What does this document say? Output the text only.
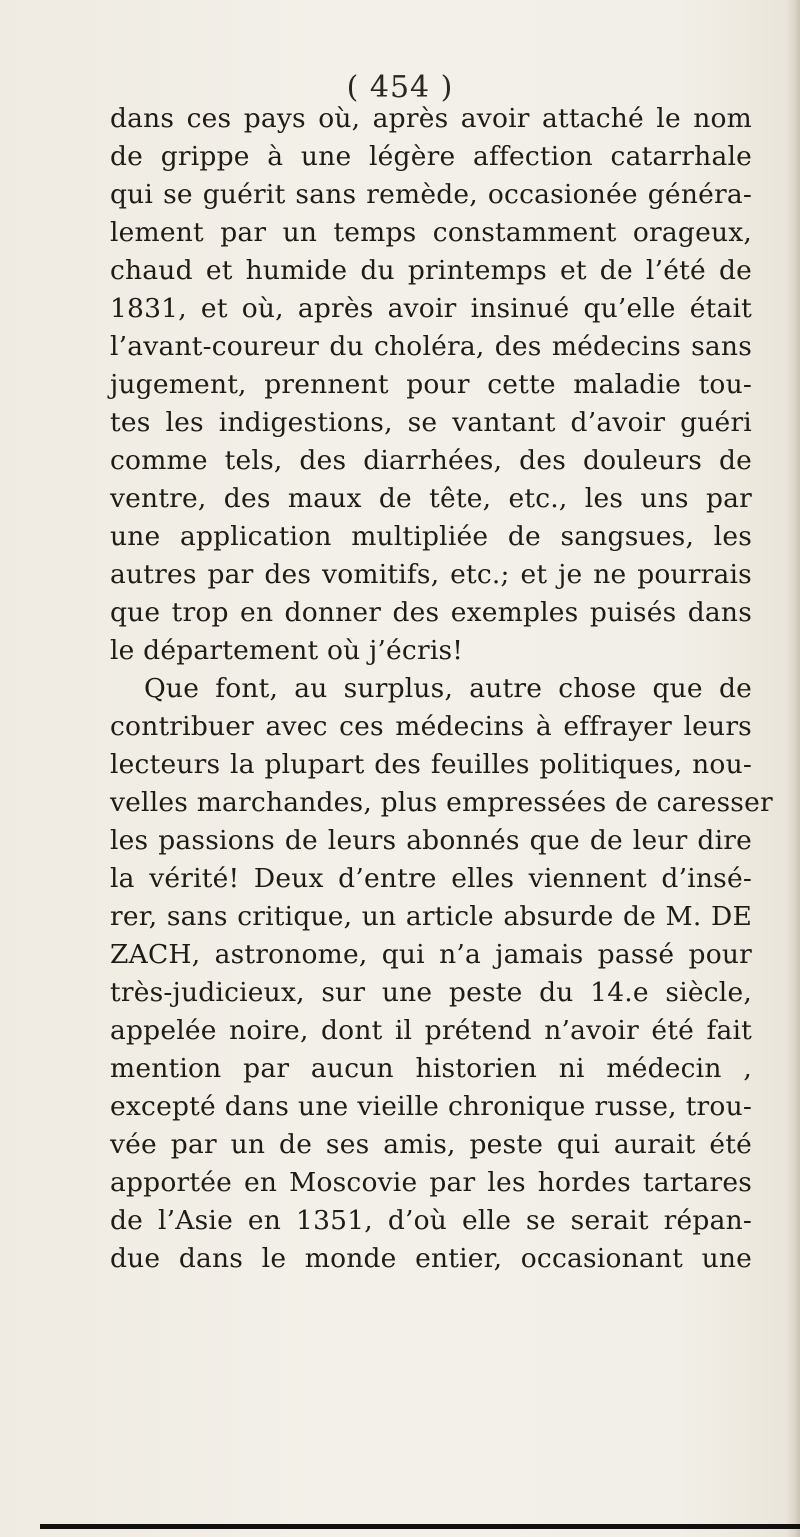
( 454 )
dans ces pays où, après avoir attaché le nom
de grippe à une légère affection catarrhale
qui se guérit sans remède, occasionée généra-
lement par un temps constamment orageux,
chaud et humide du printemps et de l’été de
1831, et où, après avoir insinué qu’elle était
l’avant-coureur du choléra, des médecins sans
jugement, prennent pour cette maladie tou-
tes les indigestions, se vantant d’avoir guéri
comme tels, des diarrhées, des douleurs de
ventre, des maux de tête, etc., les uns par
une application multipliée de sangsues, les
autres par des vomitifs, etc.; et je ne pourrais
que trop en donner des exemples puisés dans
le département où j’écris!
Que font, au surplus, autre chose que de
contribuer avec ces médecins à effrayer leurs
lecteurs la plupart des feuilles politiques, nou-
velles marchandes, plus empressées de caresser
les passions de leurs abonnés que de leur dire
la vérité! Deux d’entre elles viennent d’insé-
rer, sans critique, un article absurde de M. DE
ZACH, astronome, qui n’a jamais passé pour
très-judicieux, sur une peste du 14.e siècle,
appelée noire, dont il prétend n’avoir été fait
mention par aucun historien ni médecin ,
excepté dans une vieille chronique russe, trou-
vée par un de ses amis, peste qui aurait été
apportée en Moscovie par les hordes tartares
de l’Asie en 1351, d’où elle se serait répan-
due dans le monde entier, occasionant une
